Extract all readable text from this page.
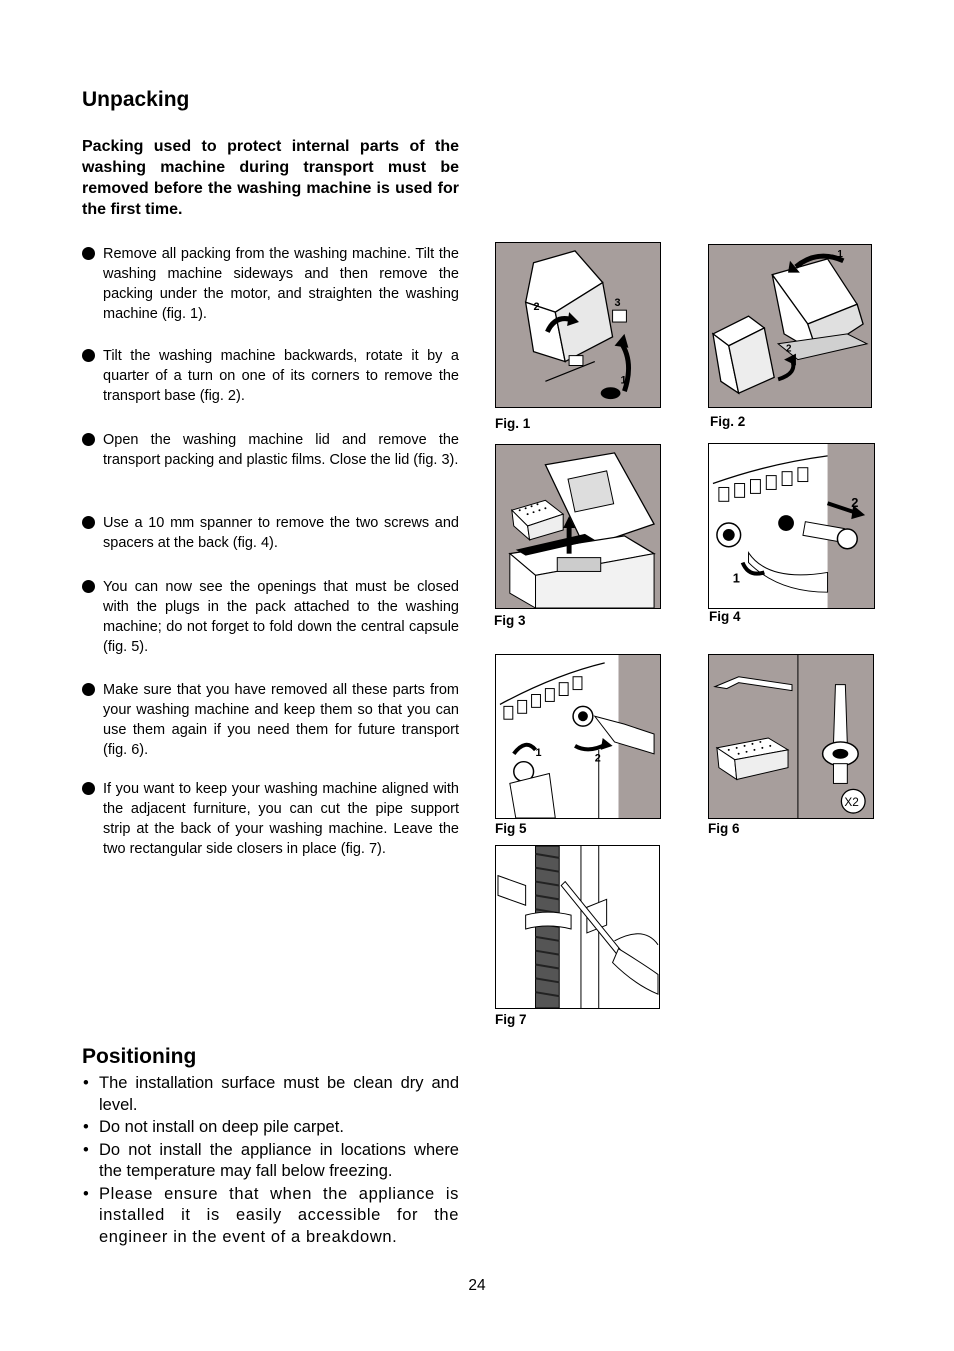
Unpacking
Packing used to protect internal parts of the washing machine during transport must be removed before the washing machine is used for the first time.
Remove all packing from the washing machine. Tilt the washing machine sideways and then remove the packing under the motor, and straighten the washing machine (fig. 1).
Tilt the washing machine backwards, rotate it by a quarter of a turn on one of its corners to remove the transport base (fig. 2).
Open the washing machine lid and remove the transport packing and plastic films. Close the lid (fig. 3).
Use a 10 mm spanner to remove the two screws and spacers at the back (fig. 4).
You can now see the openings that must be closed with the plugs in the pack attached to the washing machine; do not forget to fold down the central capsule (fig. 5).
Make sure that you have removed all these parts from your washing machine and keep them so that you can use them again if you need them for future transport (fig. 6).
If you want to keep your washing machine aligned with the adjacent furniture, you can cut the pipe support strip at the back of your washing machine. Leave the two rectangular side closers in place (fig. 7).
2	3
1
Fig. 1
1
2
Fig. 2
Fig 3
2
1
Fig 4
1	2
Fig 5
X2
Fig 6
Fig 7
Positioning
• The installation surface must be clean dry and level.
• Do not install on deep pile carpet.
• Do not install the appliance in locations where the temperature may fall below freezing.
• Please ensure that when the appliance is installed it is easily accessible for the engineer in the event of a breakdown.
24
